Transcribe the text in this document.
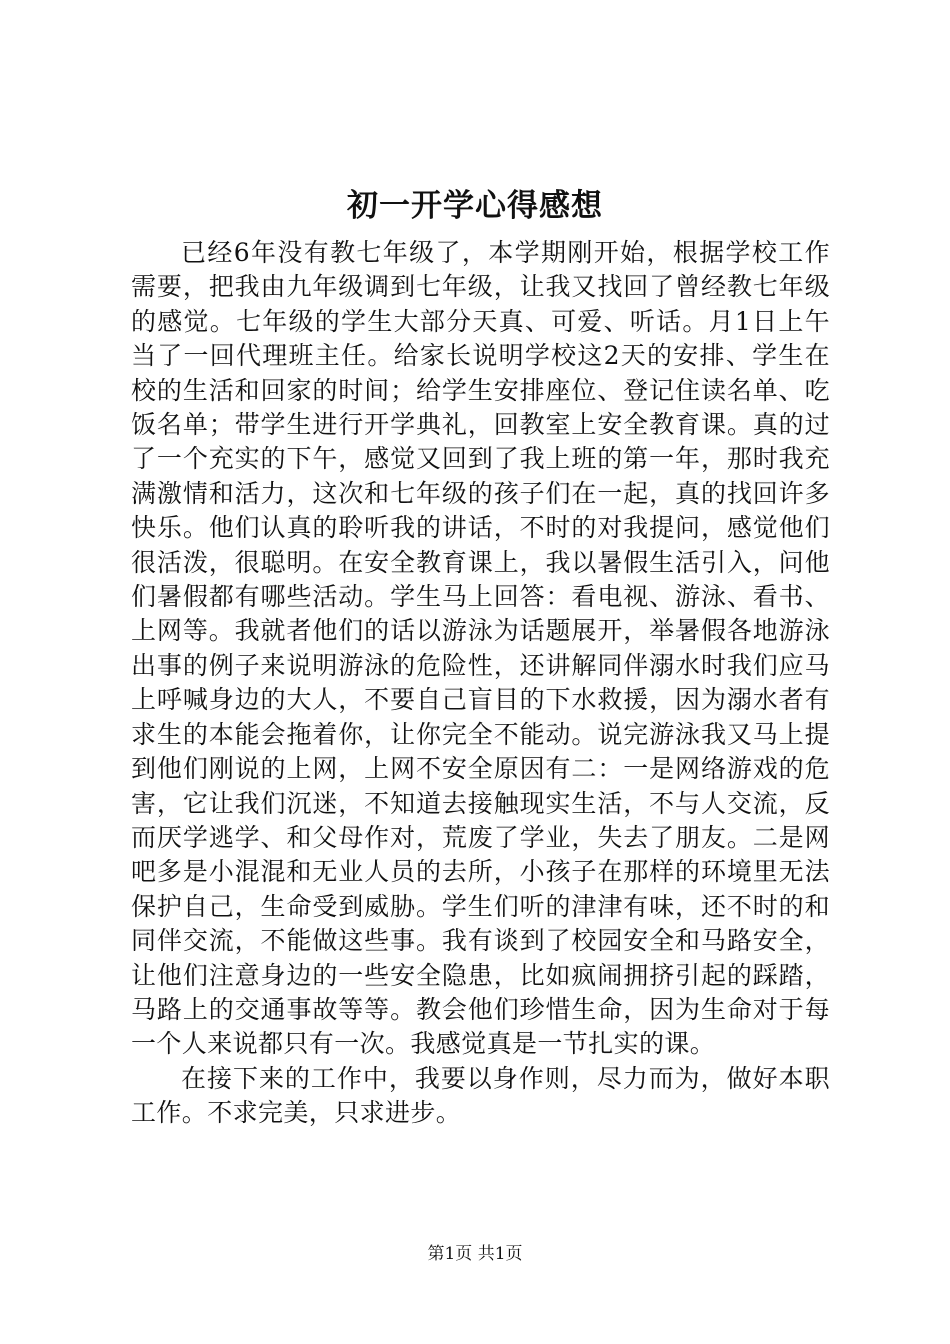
初一开学心得感想

已经6年没有教七年级了，本学期刚开始，根据学校工作需要，把我由九年级调到七年级，让我又找回了曾经教七年级的感觉。七年级的学生大部分天真、可爱、听话。月1日上午当了一回代理班主任。给家长说明学校这2天的安排、学生在校的生活和回家的时间；给学生安排座位、登记住读名单、吃饭名单；带学生进行开学典礼，回教室上安全教育课。真的过了一个充实的下午，感觉又回到了我上班的第一年，那时我充满激情和活力，这次和七年级的孩子们在一起，真的找回许多快乐。他们认真的聆听我的讲话，不时的对我提问，感觉他们很活泼，很聪明。在安全教育课上，我以暑假生活引入，问他们暑假都有哪些活动。学生马上回答：看电视、游泳、看书、上网等。我就者他们的话以游泳为话题展开，举暑假各地游泳出事的例子来说明游泳的危险性，还讲解同伴溺水时我们应马上呼喊身边的大人，不要自己盲目的下水救援，因为溺水者有求生的本能会拖着你，让你完全不能动。说完游泳我又马上提到他们刚说的上网，上网不安全原因有二：一是网络游戏的危害，它让我们沉迷，不知道去接触现实生活，不与人交流，反而厌学逃学、和父母作对，荒废了学业，失去了朋友。二是网吧多是小混混和无业人员的去所，小孩子在那样的环境里无法保护自己，生命受到威胁。学生们听的津津有味，还不时的和同伴交流，不能做这些事。我有谈到了校园安全和马路安全，让他们注意身边的一些安全隐患，比如疯闹拥挤引起的踩踏，马路上的交通事故等等。教会他们珍惜生命，因为生命对于每一个人来说都只有一次。我感觉真是一节扎实的课。

在接下来的工作中，我要以身作则，尽力而为，做好本职工作。不求完美，只求进步。

第1页 共1页
